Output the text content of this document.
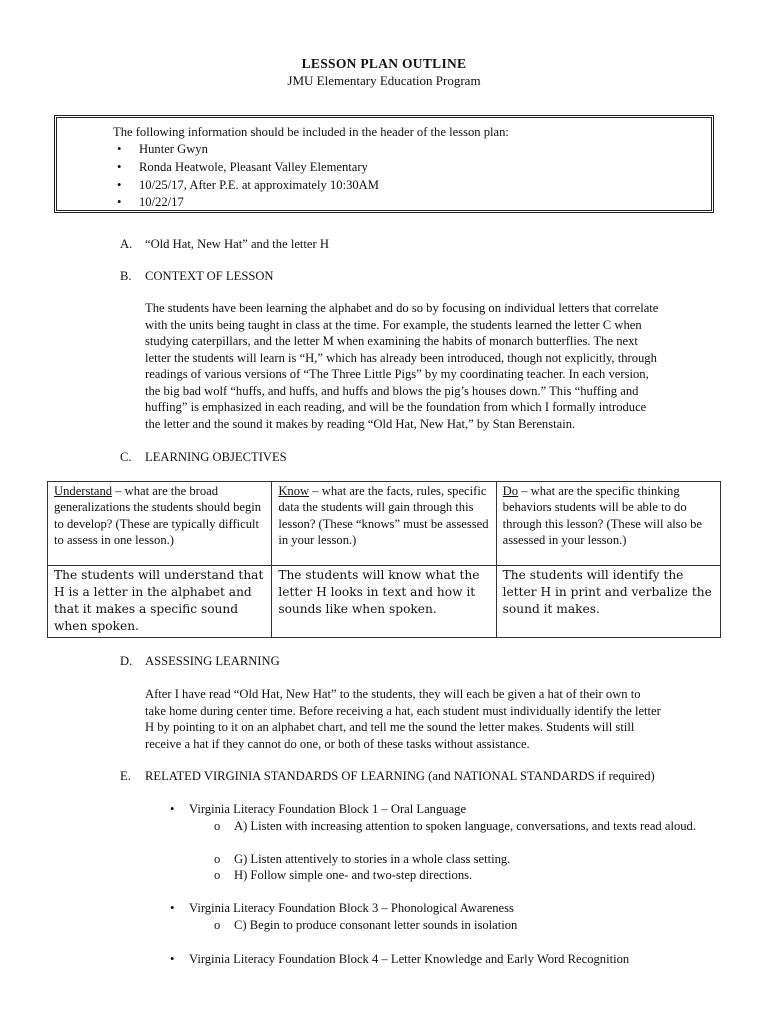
LESSON PLAN OUTLINE
JMU Elementary Education Program
The following information should be included in the header of the lesson plan:
• Hunter Gwyn
• Ronda Heatwole, Pleasant Valley Elementary
• 10/25/17, After P.E. at approximately 10:30AM
• 10/22/17
A. “Old Hat, New Hat” and the letter H
B. CONTEXT OF LESSON
The students have been learning the alphabet and do so by focusing on individual letters that correlate
with the units being taught in class at the time. For example, the students learned the letter C when
studying caterpillars, and the letter M when examining the habits of monarch butterflies. The next
letter the students will learn is “H,” which has already been introduced, though not explicitly, through
readings of various versions of “The Three Little Pigs” by my coordinating teacher. In each version,
the big bad wolf “huffs, and huffs, and huffs and blows the pig’s houses down.” This “huffing and
huffing” is emphasized in each reading, and will be the foundation from which I formally introduce
the letter and the sound it makes by reading “Old Hat, New Hat,” by Stan Berenstain.
C. LEARNING OBJECTIVES
Understand – what are the broad generalizations the students should begin to develop? (These are typically difficult to assess in one lesson.)	Know – what are the facts, rules, specific data the students will gain through this lesson? (These “knows” must be assessed in your lesson.)	Do – what are the specific thinking behaviors students will be able to do through this lesson? (These will also be assessed in your lesson.)
The students will understand that H is a letter in the alphabet and that it makes a specific sound when spoken.	The students will know what the letter H looks in text and how it sounds like when spoken.	The students will identify the letter H in print and verbalize the sound it makes.
D. ASSESSING LEARNING
After I have read “Old Hat, New Hat” to the students, they will each be given a hat of their own to
take home during center time. Before receiving a hat, each student must individually identify the letter
H by pointing to it on an alphabet chart, and tell me the sound the letter makes. Students will still
receive a hat if they cannot do one, or both of these tasks without assistance.
E. RELATED VIRGINIA STANDARDS OF LEARNING (and NATIONAL STANDARDS if required)
• Virginia Literacy Foundation Block 1 – Oral Language
o A) Listen with increasing attention to spoken language, conversations, and texts read aloud.
o G) Listen attentively to stories in a whole class setting.
o H) Follow simple one- and two-step directions.
• Virginia Literacy Foundation Block 3 – Phonological Awareness
o C) Begin to produce consonant letter sounds in isolation
• Virginia Literacy Foundation Block 4 – Letter Knowledge and Early Word Recognition
